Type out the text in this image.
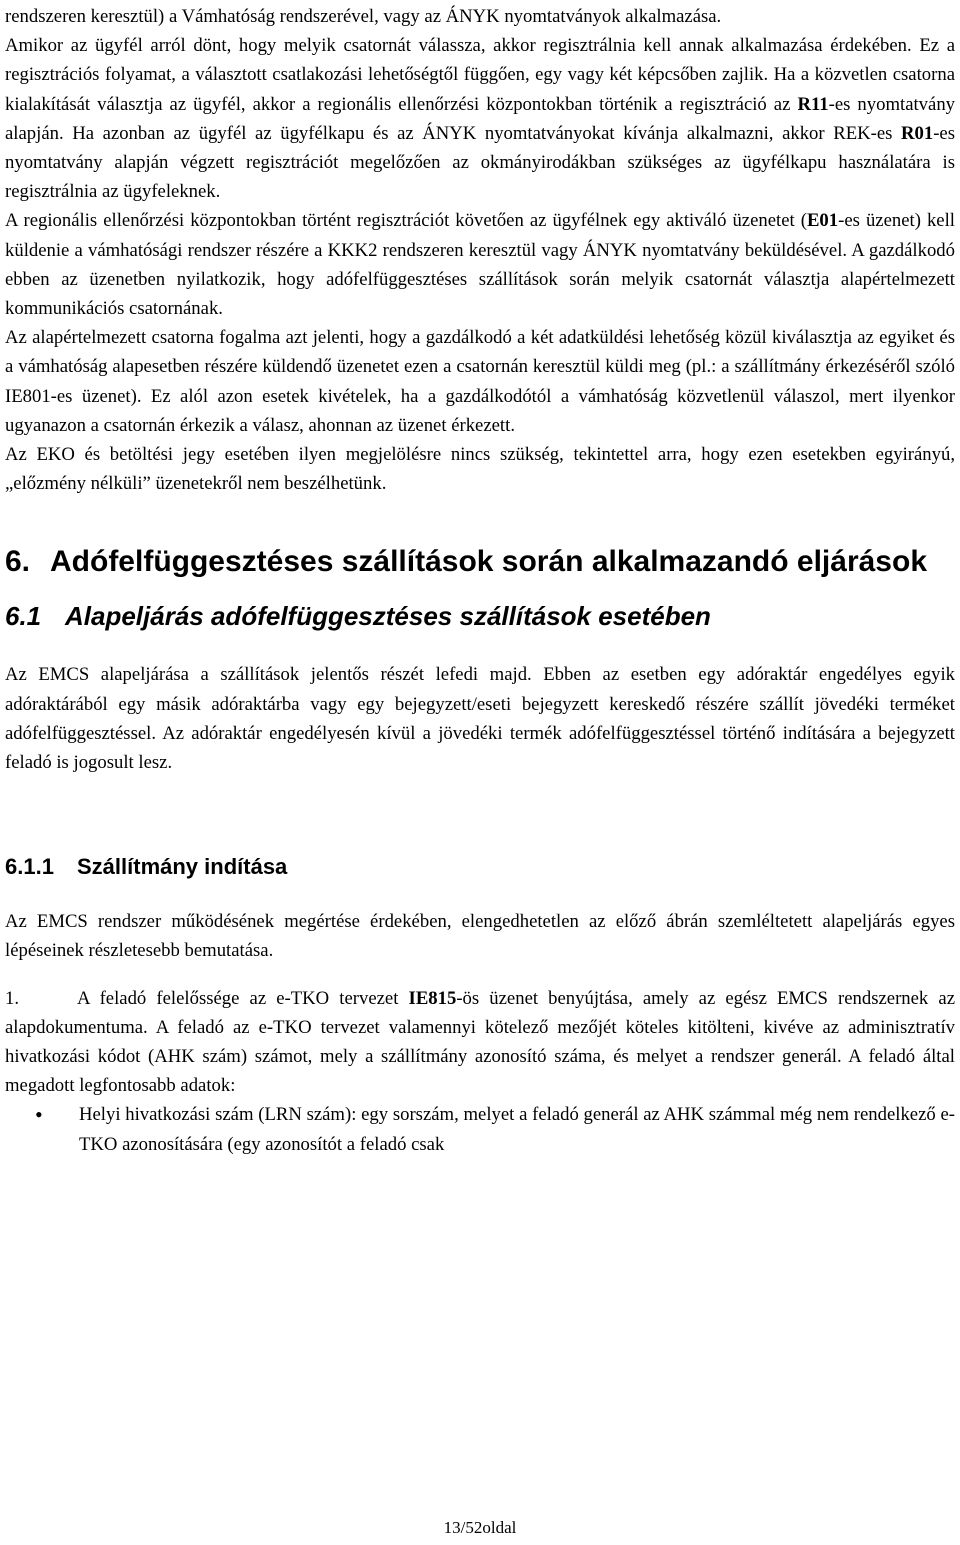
rendszeren keresztül) a Vámhatóság rendszerével, vagy az ÁNYK nyomtatványok alkalmazása.
Amikor az ügyfél arról dönt, hogy melyik csatornát válassza, akkor regisztrálnia kell annak alkalmazása érdekében. Ez a regisztrációs folyamat, a választott csatlakozási lehetőségtől függően, egy vagy két képcsőben zajlik. Ha a közvetlen csatorna kialakítását választja az ügyfél, akkor a regionális ellenőrzési központokban történik a regisztráció az R11-es nyomtatvány alapján. Ha azonban az ügyfél az ügyfélkapu és az ÁNYK nyomtatványokat kívánja alkalmazni, akkor REK-es R01-es nyomtatvány alapján végzett regisztrációt megelőzően az okmányirodákban szükséges az ügyfélkapu használatára is regisztrálnia az ügyfeleknek.

A regionális ellenőrzési központokban történt regisztrációt követően az ügyfélnek egy aktiváló üzenetet (E01-es üzenet) kell küldenie a vámhatósági rendszer részére a KKK2 rendszeren keresztül vagy ÁNYK nyomtatvány beküldésével. A gazdálkodó ebben az üzenetben nyilatkozik, hogy adófelfüggesztéses szállítások során melyik csatornát választja alapértelmezett kommunikációs csatornának.

Az alapértelmezett csatorna fogalma azt jelenti, hogy a gazdálkodó a két adatküldési lehetőség közül kiválasztja az egyiket és a vámhatóság alapesetben részére küldendő üzenetet ezen a csatornán keresztül küldi meg (pl.: a szállítmány érkezéséről szóló IE801-es üzenet). Ez alól azon esetek kivételek, ha a gazdálkodótól a vámhatóság közvetlenül válaszol, mert ilyenkor ugyanazon a csatornán érkezik a válasz, ahonnan az üzenet érkezett.

Az EKO és betöltési jegy esetében ilyen megjelölésre nincs szükség, tekintettel arra, hogy ezen esetekben egyirányú, „előzmény nélküli” üzenetekről nem beszélhetünk.

6. Adófelfüggesztéses szállítások során alkalmazandó eljárások
6.1 Alapeljárás adófelfüggesztéses szállítások esetében

Az EMCS alapeljárása a szállítások jelentős részét lefedi majd. Ebben az esetben egy adóraktár engedélyes egyik adóraktárából egy másik adóraktárba vagy egy bejegyzett/eseti bejegyzett kereskedő részére szállít jövedéki terméket adófelfüggesztéssel. Az adóraktár engedélyesén kívül a jövedéki termék adófelfüggesztéssel történő indítására a bejegyzett feladó is jogosult lesz.

6.1.1	Szállítmány indítása

Az EMCS rendszer működésének megértése érdekében, elengedhetetlen az előző ábrán szemléltetett alapeljárás egyes lépéseinek részletesebb bemutatása.

1.	A feladó felelőssége az e-TKO tervezet IE815-ös üzenet benyújtása, amely az egész EMCS rendszernek az alapdokumentuma. A feladó az e-TKO tervezet valamennyi kötelező mezőjét köteles kitölteni, kivéve az adminisztratív hivatkozási kódot (AHK szám) számot, mely a szállítmány azonosító száma, és melyet a rendszer generál. A feladó által megadott legfontosabb adatok:

•	Helyi hivatkozási szám (LRN szám): egy sorszám, melyet a feladó generál az AHK számmal még nem rendelkező e-TKO azonosítására (egy azonosítót a feladó csak
13/52oldal
